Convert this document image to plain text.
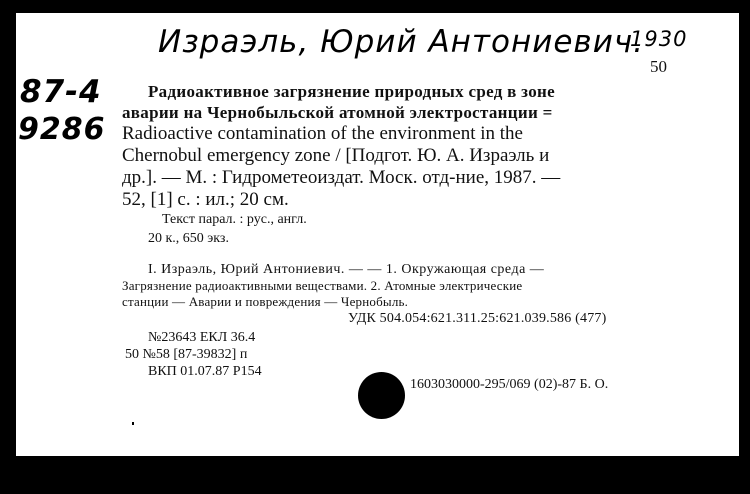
Израэль, Юрий Антониевич.
1930
87-4
9286
50
Радиоактивное загрязнение природных сред в зоне
аварии на Чернобыльской атомной электростанции =
Radioactive contamination of the environment in the
Chernobul emergency zone / [Подгот. Ю. А. Израэль и
др.]. — М. : Гидрометеоиздат. Моск. отд-ние, 1987. —
52, [1] с. : ил.; 20 см.
Текст парал. : рус., англ.
20 к., 650 экз.
I. Израэль, Юрий Антониевич. — — 1. Окружающая среда —
Загрязнение радиоактивными веществами. 2. Атомные электрические
станции — Аварии и повреждения — Чернобыль.
УДК 504.054:621.311.25:621.039.586 (477)
№23643 ЕКЛ 36.4
50 №58 [87-39832] п
ВКП 01.07.87 Р154
1603030000-295/069 (02)-87 Б. О.
